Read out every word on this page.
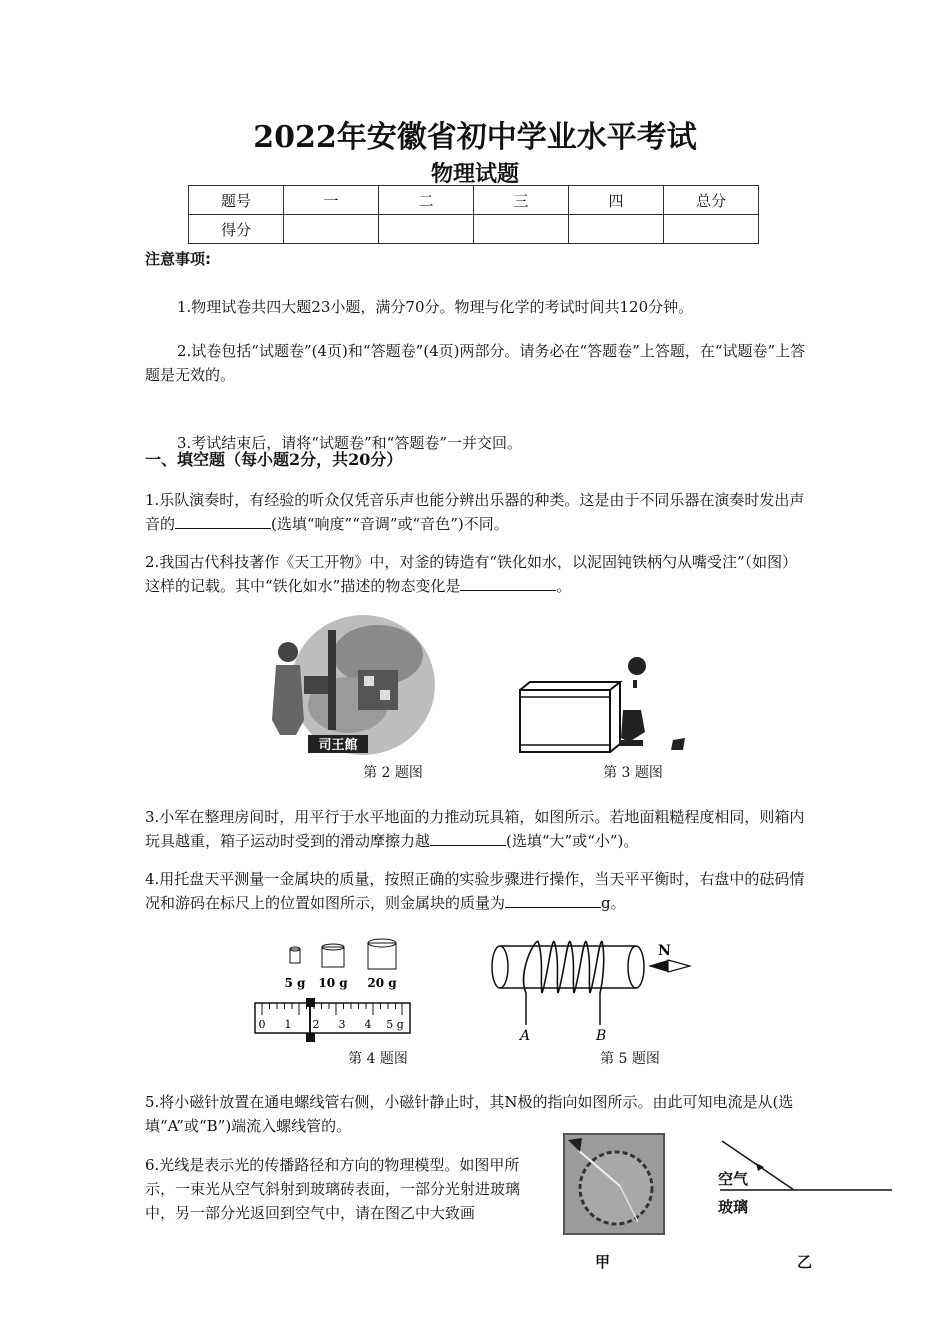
2022年安徽省初中学业水平考试
物理试题
题号	一	二	三	四	总分
得分					
注意事项:
1.物理试卷共四大题23小题，满分70分。物理与化学的考试时间共120分钟。
2.试卷包括“试题卷”(4页)和“答题卷”(4页)两部分。请务必在“答题卷”上答题，在“试题卷”上答题是无效的。
3.考试结束后，请将“试题卷”和“答题卷”一并交回。
一、填空题（每小题2分，共20分）
1.乐队演奏时，有经验的听众仅凭音乐声也能分辨出乐器的种类。这是由于不同乐器在演奏时发出声音的	(选填“响度”“音调”或“音色”)不同。
2.我国古代科技著作《天工开物》中，对釜的铸造有“铁化如水，以泥固钝铁柄勺从嘴受注”（如图）这样的记载。其中“铁化如水”描述的物态变化是	。
司王館
第 2 题图	第 3 题图
3.小军在整理房间时，用平行于水平地面的力推动玩具箱，如图所示。若地面粗糙程度相同，则箱内玩具越重，箱子运动时受到的滑动摩擦力越	(选填“大”或“小”)。
4.用托盘天平测量一金属块的质量，按照正确的实验步骤进行操作，当天平平衡时，右盘中的砝码情况和游码在标尺上的位置如图所示，则金属块的质量为	g。
5 g 10 g 20 g
0 1 2 3 4 5 g
第 4 题图
A	B
N
第 5 题图
5.将小磁针放置在通电螺线管右侧，小磁针静止时，其N极的指向如图所示。由此可知电流是从(选填“A”或“B”)端流入螺线管的。
6.光线是表示光的传播路径和方向的物理模型。如图甲所示，一束光从空气斜射到玻璃砖表面，一部分光射进玻璃中，另一部分光返回到空气中，请在图乙中大致画
甲
空气
玻璃
乙
